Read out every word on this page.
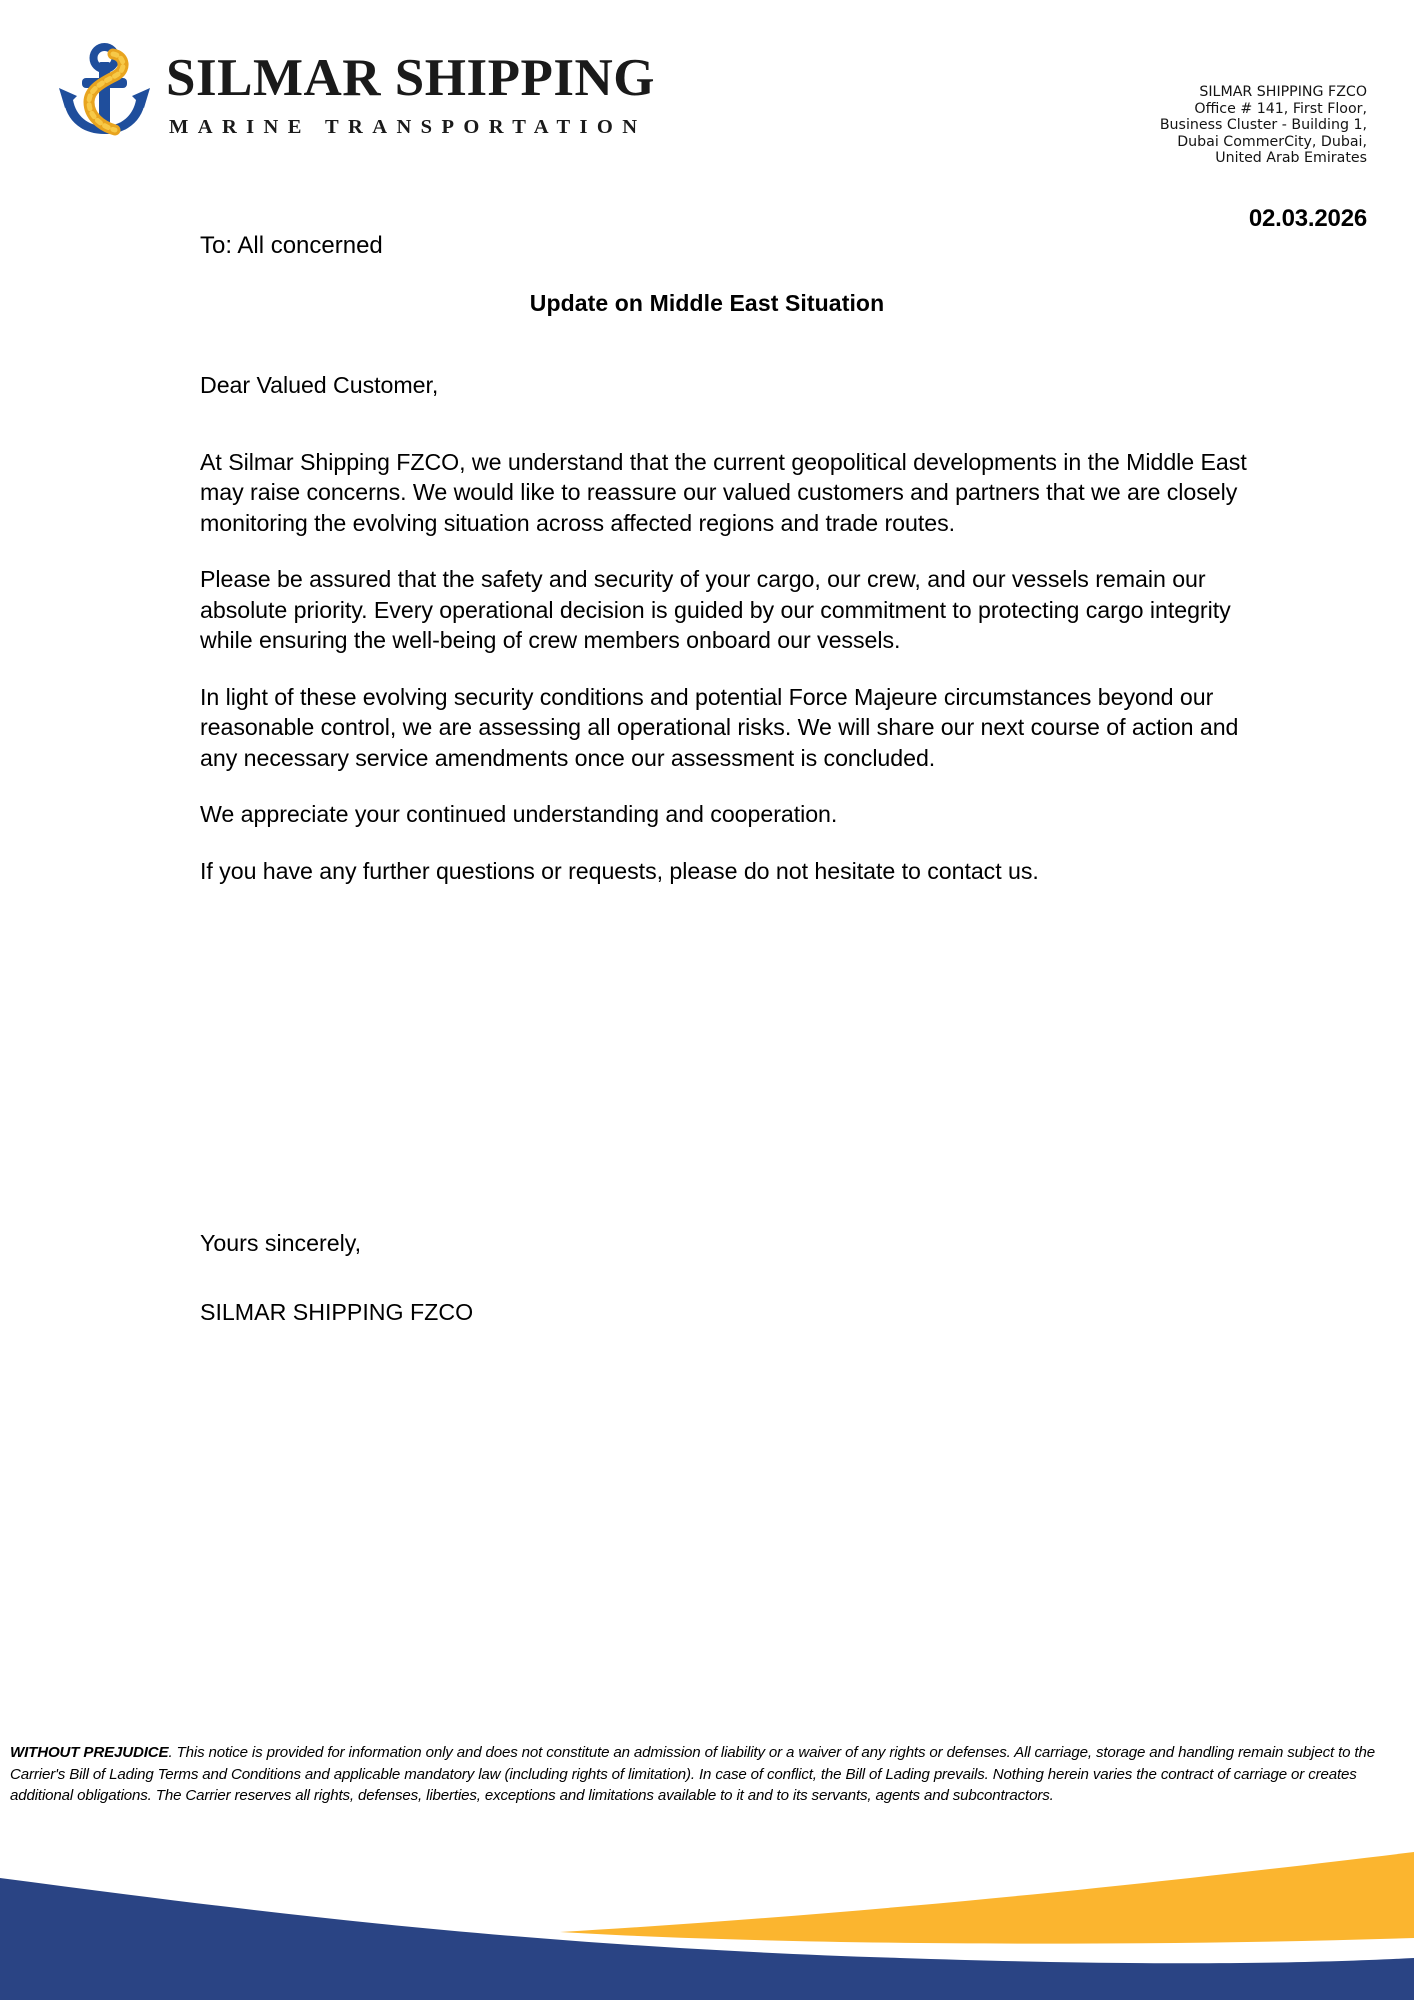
SILMAR SHIPPING
MARINE TRANSPORTATION
SILMAR SHIPPING FZCO
Office # 141, First Floor,
Business Cluster - Building 1,
Dubai CommerCity, Dubai,
United Arab Emirates
02.03.2026
To: All concerned
Update on Middle East Situation

Dear Valued Customer,

At Silmar Shipping FZCO, we understand that the current geopolitical developments in the Middle East may raise concerns. We would like to reassure our valued customers and partners that we are closely monitoring the evolving situation across affected regions and trade routes.

Please be assured that the safety and security of your cargo, our crew, and our vessels remain our absolute priority. Every operational decision is guided by our commitment to protecting cargo integrity while ensuring the well-being of crew members onboard our vessels.

In light of these evolving security conditions and potential Force Majeure circumstances beyond our reasonable control, we are assessing all operational risks. We will share our next course of action and any necessary service amendments once our assessment is concluded.

We appreciate your continued understanding and cooperation.

If you have any further questions or requests, please do not hesitate to contact us.

Yours sincerely,

SILMAR SHIPPING FZCO

WITHOUT PREJUDICE. This notice is provided for information only and does not constitute an admission of liability or a waiver of any rights or defenses. All carriage, storage and handling remain subject to the Carrier's Bill of Lading Terms and Conditions and applicable mandatory law (including rights of limitation). In case of conflict, the Bill of Lading prevails. Nothing herein varies the contract of carriage or creates additional obligations. The Carrier reserves all rights, defenses, liberties, exceptions and limitations available to it and to its servants, agents and subcontractors.
